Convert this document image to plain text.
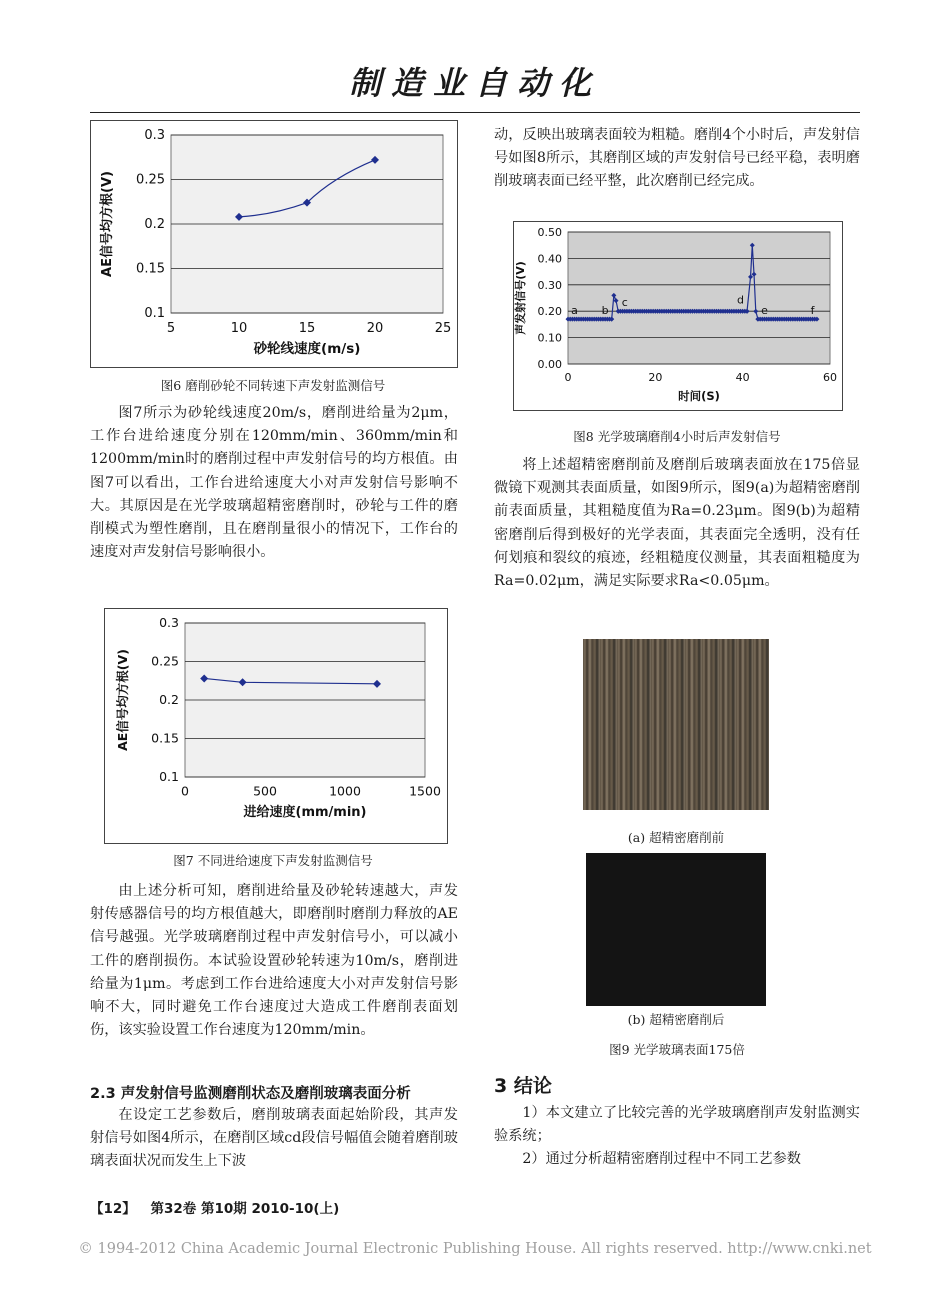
制造业自动化
0.3
0.25
0.2
0.15
0.1
5	10	15	20	25
砂轮线速度(m/s)
AE信号均方根(V)
图6 磨削砂轮不同转速下声发射监测信号

图7所示为砂轮线速度20m/s，磨削进给量为2μm，工作台进给速度分别在120mm/min、360mm/min和1200mm/min时的磨削过程中声发射信号的均方根值。由图7可以看出，工作台进给速度大小对声发射信号影响不大。其原因是在光学玻璃超精密磨削时，砂轮与工件的磨削模式为塑性磨削，且在磨削量很小的情况下，工作台的速度对声发射信号影响很小。

0.3
0.25
0.2
0.15
0.1
0	500	1000	1500
进给速度(mm/min)
AE信号均方根(V)
图7 不同进给速度下声发射监测信号

由上述分析可知，磨削进给量及砂轮转速越大，声发射传感器信号的均方根值越大，即磨削时磨削力释放的AE信号越强。光学玻璃磨削过程中声发射信号小，可以减小工件的磨削损伤。本试验设置砂轮转速为10m/s，磨削进给量为1μm。考虑到工作台进给速度大小对声发射信号影响不大，同时避免工作台速度过大造成工件磨削表面划伤，该实验设置工作台速度为120mm/min。

2.3 声发射信号监测磨削状态及磨削玻璃表面分析

在设定工艺参数后，磨削玻璃表面起始阶段，其声发射信号如图4所示，在磨削区域cd段信号幅值会随着磨削玻璃表面状况而发生上下波

动，反映出玻璃表面较为粗糙。磨削4个小时后，声发射信号如图8所示，其磨削区域的声发射信号已经平稳，表明磨削玻璃表面已经平整，此次磨削已经完成。

0.50
0.40
0.30
0.20
0.10
0.00
0	20	40	60
时间(S)
声发射信号(V)	a b
c	d
e	f
图8 光学玻璃磨削4小时后声发射信号

将上述超精密磨削前及磨削后玻璃表面放在175倍显微镜下观测其表面质量，如图9所示，图9(a)为超精密磨削前表面质量，其粗糙度值为Ra=0.23μm。图9(b)为超精密磨削后得到极好的光学表面，其表面完全透明，没有任何划痕和裂纹的痕迹，经粗糙度仪测量，其表面粗糙度为Ra=0.02μm，满足实际要求Ra<0.05μm。

(a) 超精密磨削前
(b) 超精密磨削后
图9 光学玻璃表面175倍
3 结论

1）本文建立了比较完善的光学玻璃磨削声发射监测实验系统；

2）通过分析超精密磨削过程中不同工艺参数

【12】 第32卷 第10期 2010-10(上)
© 1994-2012 China Academic Journal Electronic Publishing House. All rights reserved. http://www.cnki.net
